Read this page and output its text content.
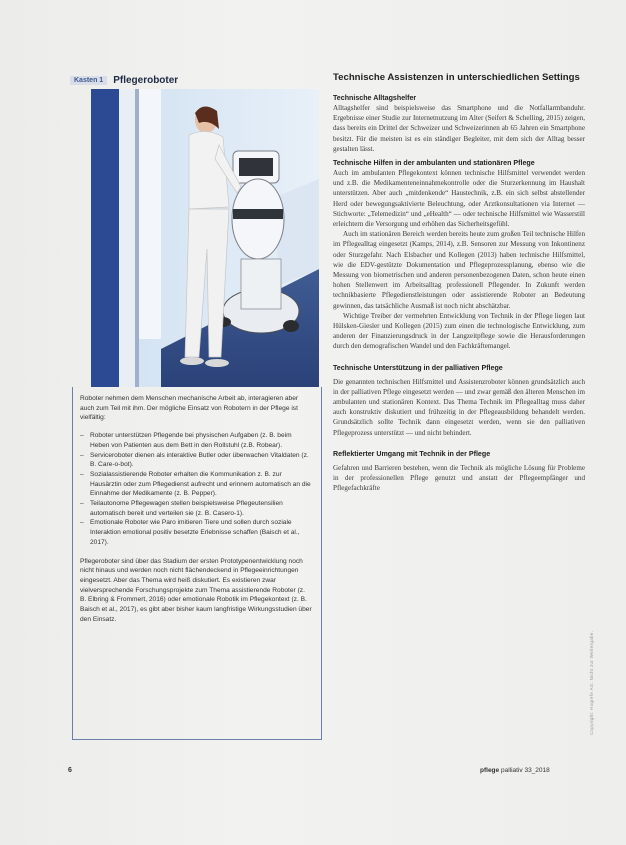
Kasten 1	Pflegeroboter

Roboter nehmen dem Menschen mechanische Arbeit ab, interagieren aber auch zum Teil mit ihm. Der mögliche Einsatz von Robotern in der Pflege ist vielfältig:

– Roboter unterstützen Pflegende bei physischen Aufgaben (z. B. beim Heben von Patienten aus dem Bett in den Rollstuhl (z.B. Robear).
– Serviceroboter dienen als interaktive Butler oder überwachen Vitaldaten (z. B. Care-o-bot).
– Sozialassistierende Roboter erhalten die Kommunikation z. B. zur Hausärztin oder zum Pflegedienst aufrecht und erinnern automatisch an die Einnahme der Medikamente (z. B. Pepper).
– Teilautonome Pflegewagen stellen beispielsweise Pflegeutensilien automatisch bereit und verteilen sie (z. B. Casero-1).
– Emotionale Roboter wie Paro imitieren Tiere und sollen durch soziale Interaktion emotional positiv besetzte Erlebnisse schaffen (Baisch et al., 2017).

Pflegeroboter sind über das Stadium der ersten Prototypenentwicklung noch nicht hinaus und werden noch nicht flächendeckend in Pflegeeinrichtungen eingesetzt. Aber das Thema wird heiß diskutiert. Es existieren zwar vielversprechende Forschungsprojekte zum Thema assistierende Roboter (z. B. Elbring & Frommert, 2016) oder emotionale Robotik im Pflegekontext (z. B. Baisch et al., 2017), es gibt aber bisher kaum langfristige Wirkungsstudien über den Einsatz.

Technische Assistenzen in unterschiedlichen Settings

Technische Alltagshelfer

Alltagshelfer sind beispielsweise das Smartphone und die Notfallarmbanduhr. Ergebnisse einer Studie zur Internetnutzung im Alter (Seifert & Schelling, 2015) zeigen, dass bereits ein Drittel der Schweizer und Schweizerinnen ab 65 Jahren ein Smartphone besitzt. Für die meisten ist es ein ständiger Begleiter, mit dem sich der Alltag besser gestalten lässt.

Technische Hilfen in der ambulanten und stationären Pflege

Auch im ambulanten Pflegekontext können technische Hilfsmittel verwendet werden und z.B. die Medikamenteneinnahmekontrolle oder die Sturzerkennung im Haushalt unterstützen. Aber auch „mitdenkende“ Haustechnik, z.B. ein sich selbst abstellender Herd oder bewegungsaktivierte Beleuchtung, oder Arztkonsultationen via Internet — Stichworte: „Telemedizin“ und „eHealth“ — oder technische Hilfsmittel wie Wasserstill erleichtern die Versorgung und erhöhen das Sicherheitsgefühl.

Auch im stationären Bereich werden bereits heute zum großen Teil technische Hilfen im Pflegealltag eingesetzt (Kamps, 2014), z.B. Sensoren zur Messung von Inkontinenz oder Sturzgefahr. Nach Elsbacher und Kollegen (2013) haben technische Hilfsmittel, wie die EDV-gestützte Dokumentation und Pflegeprozessplanung, ebenso wie die Messung von biometrischen und anderen personenbezogenen Daten, schon heute einen hohen Stellenwert im Arbeitsalltag professionell Pflegender. In Zukunft werden technikbasierte Pflegedienstleistungen oder assistierende Roboter an Bedeutung gewinnen, das tatsächliche Ausmaß ist noch nicht abschätzbar.

Wichtige Treiber der vermehrten Entwicklung von Technik in der Pflege liegen laut Hülsken-Giesler und Kollegen (2015) zum einen die technologische Entwicklung, zum anderen der Finanzierungsdruck in der Langzeitpflege sowie die Herausforderungen durch den demografischen Wandel und den Fachkräftemangel.

Technische Unterstützung in der palliativen Pflege

Die genannten technischen Hilfsmittel und Assistenzroboter können grundsätzlich auch in der palliativen Pflege eingesetzt werden — und zwar gemäß den älteren Menschen im ambulanten und stationären Kontext. Das Thema Technik im Pflegealltag muss daher auch konstruktiv diskutiert und frühzeitig in der Pflegeausbildung behandelt werden. Grundsätzlich sollte Technik dann eingesetzt werden, wenn sie den palliativen Pflegeprozess unterstützt — und nicht behindert.

Reflektierter Umgang mit Technik in der Pflege

Gefahren und Barrieren bestehen, wenn die Technik als mögliche Lösung für Probleme in der professionellen Pflege genutzt und anstatt der Pflegeempfänger und Pflegefachkräfte

Copyright: Hogrefe AG. Nicht zur Weitergabe.
6	pflege palliativ 33_2018
